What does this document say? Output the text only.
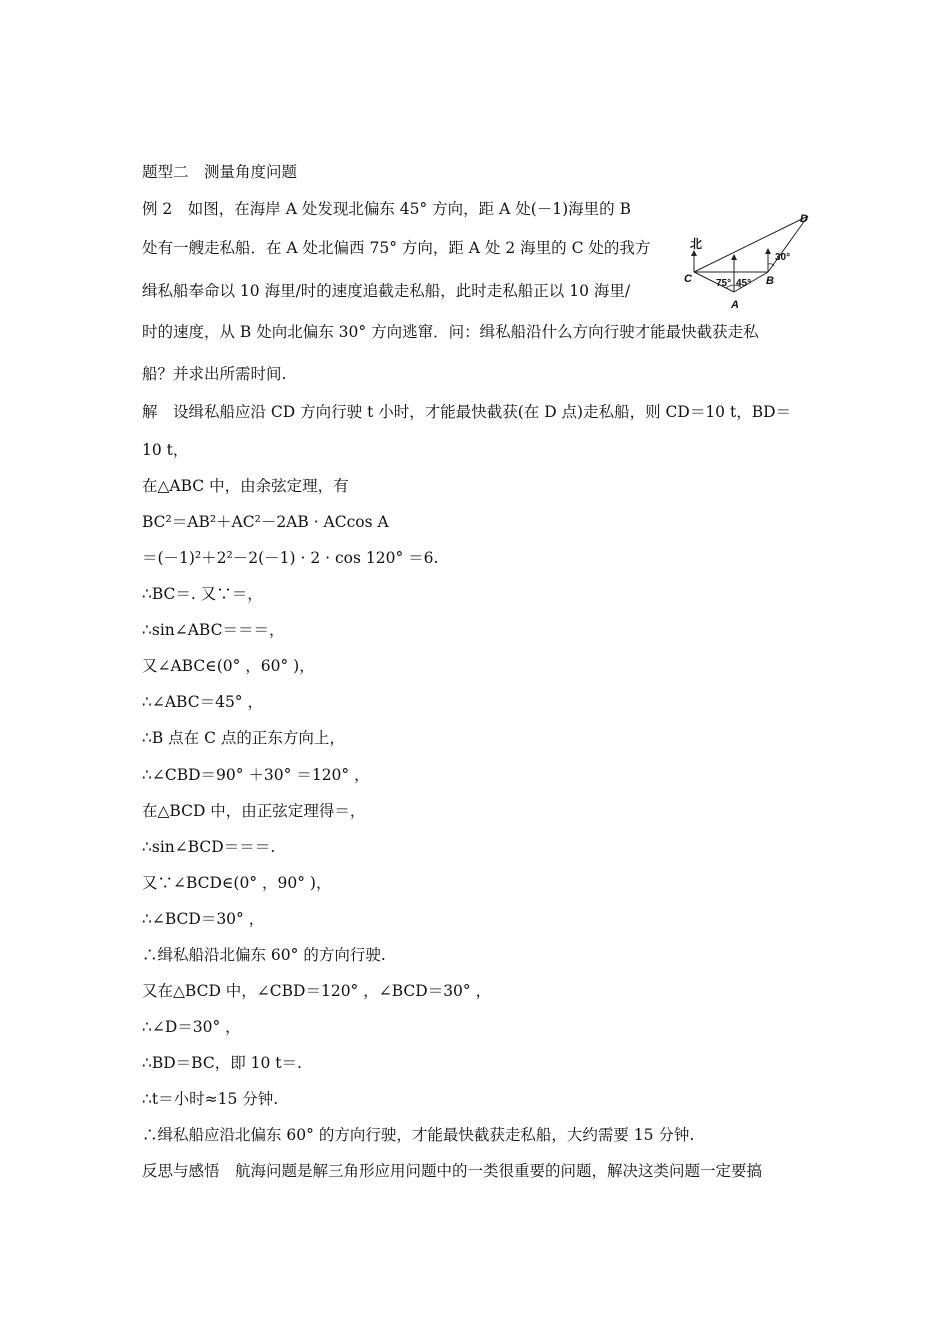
题型二　测量角度问题
例 2　如图，在海岸 A 处发现北偏东 45° 方向，距 A 处(－1)海里的 B
处有一艘走私船．在 A 处北偏西 75° 方向，距 A 处 2 海里的 C 处的我方
缉私船奉命以 10 海里/时的速度追截走私船，此时走私船正以 10 海里/
时的速度，从 B 处向北偏东 30° 方向逃窜．问：缉私船沿什么方向行驶才能最快截获走私
船？并求出所需时间.
解　设缉私船应沿 CD 方向行驶 t 小时，才能最快截获(在 D 点)走私船，则 CD＝10 t，BD＝
10 t，
在△ABC 中，由余弦定理，有
BC²＝AB²＋AC²－2AB · ACcos A
＝(－1)²＋2²－2(－1) · 2 · cos 120° ＝6.
∴BC＝. 又∵＝，
∴sin∠ABC＝＝＝，
又∠ABC∈(0° ，60° )，
∴∠ABC＝45° ，
∴B 点在 C 点的正东方向上，
∴∠CBD＝90° ＋30° ＝120° ，
在△BCD 中，由正弦定理得＝，
∴sin∠BCD＝＝＝.
又∵∠BCD∈(0° ，90° )，
∴∠BCD＝30° ，
∴缉私船沿北偏东 60° 的方向行驶.
又在△BCD 中，∠CBD＝120° ，∠BCD＝30° ，
∴∠D＝30° ，
∴BD＝BC，即 10 t＝.
∴t＝小时≈15 分钟.
∴缉私船应沿北偏东 60° 的方向行驶，才能最快截获走私船，大约需要 15 分钟.
反思与感悟　航海问题是解三角形应用问题中的一类很重要的问题，解决这类问题一定要搞
北
C
A
B
D
75° 45°
30°
